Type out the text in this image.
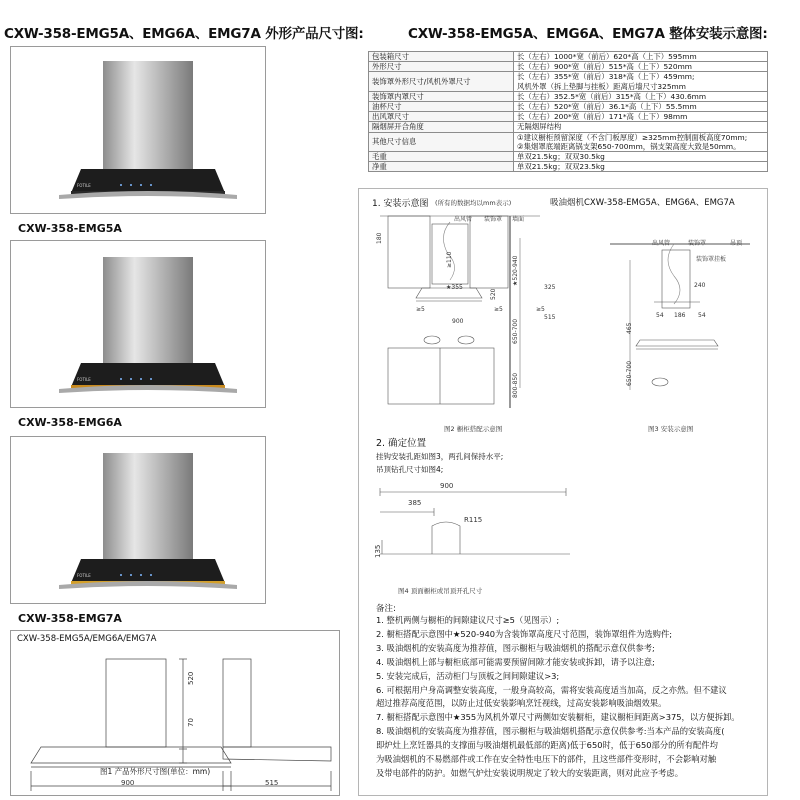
CXW-358-EMG5A、EMG6A、EMG7A 外形产品尺寸图:
FOTILE
CXW-358-EMG5A
FOTILE
CXW-358-EMG6A
FOTILE
CXW-358-EMG7A
CXW-358-EMG5A/EMG6A/EMG7A
900
520
70
515
图1 产品外形尺寸图(单位：mm)
CXW-358-EMG5A、EMG6A、EMG7A 整体安装示意图:
包装箱尺寸	长（左右）1000*宽（前后）620*高（上下）595mm

外形尺寸	长（左右）900*宽（前后）515*高（上下）520mm

装饰罩外形尺寸/风机外罩尺寸	长（左右）355*宽（前后）318*高（上下）459mm;
风机外罩（拆上垫脚与挂板）距离后墙尺寸325mm

装饰罩内罩尺寸	长（左右）352.5*宽（前后）315*高（上下）430.6mm

油杯尺寸	长（左右）520*宽（前后）36.1*高（上下）55.5mm

出风罩尺寸	长（左右）200*宽（前后）171*高（上下）98mm

隔烟屏开合角度	无隔烟屏结构

其他尺寸信息	①建议橱柜预留深度（不含门板厚度）≥325mm控制面板高度70mm;
②集烟罩底端距离锅支架650-700mm，锅支架高度大致是50mm。

毛重	单双21.5kg；双双30.5kg

净重	单双21.5kg；双双23.5kg
1. 安装示意图 (所有的数据均以mm表示)	吸油烟机CXW-358-EMG5A、EMG6A、EMG7A
出风管 装饰罩 墙面
180
≥110	★520-940
520
★355	325
900
515
650-700
800-850
≥5	≥5	≥5
图2 橱柜搭配示意图
出风管	装饰罩	吊顶
装饰罩挂板
240
54 186 54
465
650-700
图3 安装示意图
2. 确定位置
挂钩安装孔距如图3，两孔间保持水平;
吊顶钻孔尺寸如图4;
900
385
R115
135
图4 顶面橱柜或吊顶开孔尺寸
备注:
1. 整机两侧与橱柜的间隙建议尺寸≥5（见图示）;
2. 橱柜搭配示意图中★520-940为含装饰罩高度尺寸范围，装饰罩组件为选购件;
3. 吸油烟机的安装高度为推荐值，图示橱柜与吸油烟机的搭配示意仅供参考;
4. 吸油烟机上部与橱柜底部可能需要预留间隙才能安装或拆卸，请予以注意;
5. 安装完成后，活动柜门与顶板之间间隙建议>3;
6. 可根据用户身高调整安装高度，一般身高较高，需将安装高度适当加高，反之亦然。但不建议
超过推荐高度范围，以防止过低安装影响烹饪视线，过高安装影响吸油烟效果。
7. 橱柜搭配示意图中★355为风机外罩尺寸两侧如安装橱柜，建议橱柜间距离>375，以方便拆卸。
8. 吸油烟机的安装高度为推荐值，图示橱柜与吸油烟机搭配示意仅供参考:当本产品的安装高度(
即炉灶上烹饪器具的支撑面与吸油烟机最低部的距离)低于650时，低于650部分的所有配件均
为吸油烟机的不易燃部件或工作在安全特性电压下的部件，且这些部件变形时，不会影响对触
及带电部件的防护。如燃气炉灶安装说明规定了较大的安装距离，则对此应予考虑。
